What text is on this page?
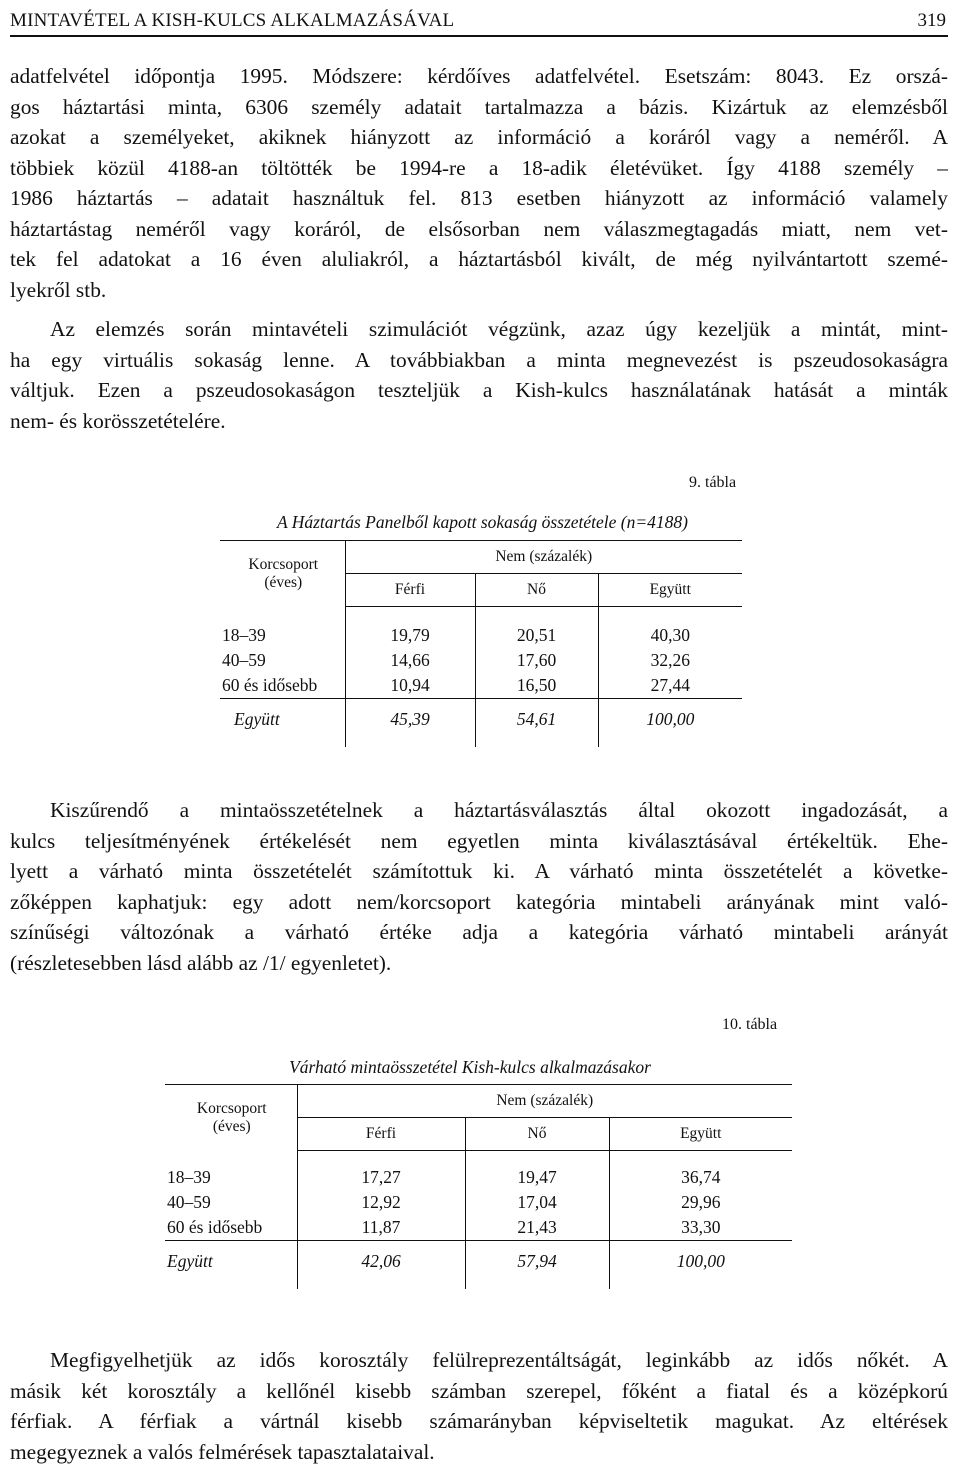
MINTAVÉTEL A KISH-KULCS ALKALMAZÁSÁVAL	319
adatfelvétel időpontja 1995. Módszere: kérdőíves adatfelvétel. Esetszám: 8043. Ez orszá-
gos háztartási minta, 6306 személy adatait tartalmazza a bázis. Kizártuk az elemzésből
azokat a személyeket, akiknek hiányzott az információ a koráról vagy a neméről. A
többiek közül 4188-an töltötték be 1994-re a 18-adik életévüket. Így 4188 személy –
1986 háztartás – adatait használtuk fel. 813 esetben hiányzott az információ valamely
háztartástag neméről vagy koráról, de elsősorban nem válaszmegtagadás miatt, nem vet-
tek fel adatokat a 16 éven aluliakról, a háztartásból kivált, de még nyilvántartott szemé-
lyekről stb.
Az elemzés során mintavételi szimulációt végzünk, azaz úgy kezeljük a mintát, mint-
ha egy virtuális sokaság lenne. A továbbiakban a minta megnevezést is pszeudosokaságra
váltjuk. Ezen a pszeudosokaságon teszteljük a Kish-kulcs használatának hatását a minták
nem- és korösszetételére.
9. tábla
A Háztartás Panelből kapott sokaság összetétele (n=4188)
Korcsoport
(éves)	Nem (százalék)		
	Férfi	Nő	Együtt

18–39	19,79	20,51	40,30
40–59	14,66	17,60	32,26
60 és idősebb	10,94	16,50	27,44
Együtt	45,39	54,61	100,00
Kiszűrendő a mintaösszetételnek a háztartásválasztás által okozott ingadozását, a
kulcs teljesítményének értékelését nem egyetlen minta kiválasztásával értékeltük. Ehe-
lyett a várható minta összetételét számítottuk ki. A várható minta összetételét a követke-
zőképpen kaphatjuk: egy adott nem/korcsoport kategória mintabeli arányának mint való-
színűségi változónak a várható értéke adja a kategória várható mintabeli arányát
(részletesebben lásd alább az /1/ egyenletet).
10. tábla
Várható mintaösszetétel Kish-kulcs alkalmazásakor
Korcsoport
(éves)	Nem (százalék)		
	Férfi	Nő	Együtt

18–39	17,27	19,47	36,74
40–59	12,92	17,04	29,96
60 és idősebb	11,87	21,43	33,30
Együtt	42,06	57,94	100,00
Megfigyelhetjük az idős korosztály felülreprezentáltságát, leginkább az idős nőkét. A
másik két korosztály a kellőnél kisebb számban szerepel, főként a fiatal és a középkorú
férfiak. A férfiak a vártnál kisebb számarányban képviseltetik magukat. Az eltérések
megegyeznek a valós felmérések tapasztalataival.
